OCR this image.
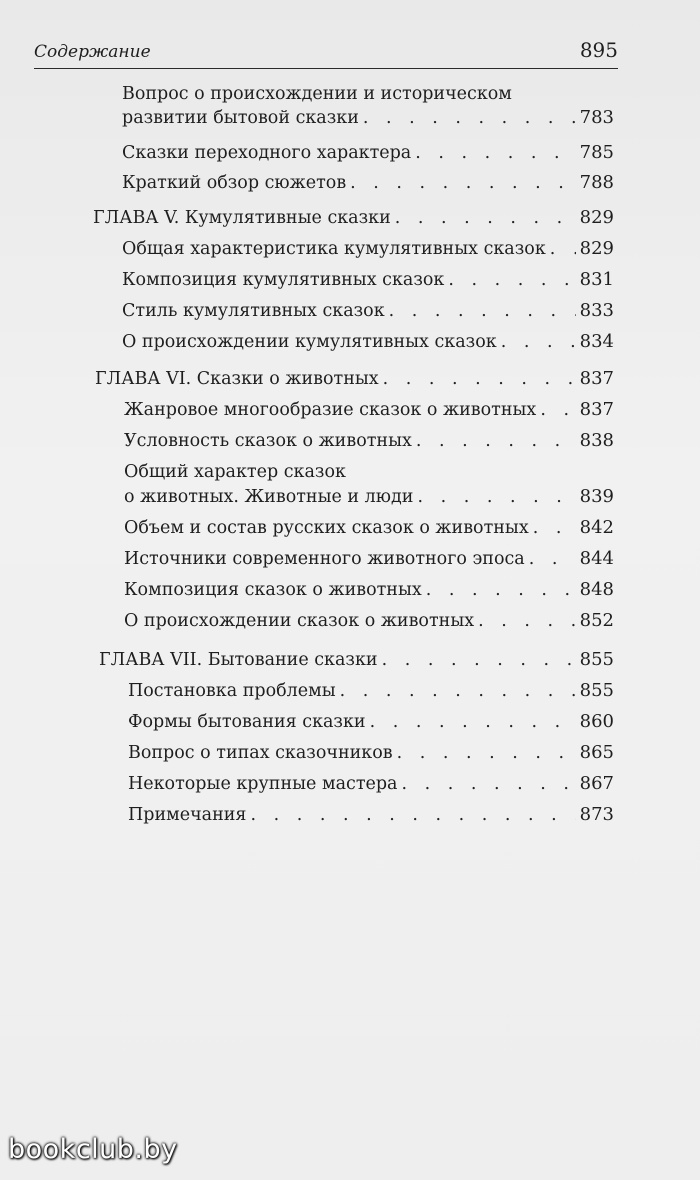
Содержание	895
Вопрос о происхождении и историческом
развитии бытовой сказки . . .	783
Сказки переходного характера . . .	785
Краткий обзор сюжетов . . .	788
ГЛАВА V. Кумулятивные сказки . . .	829
Общая характеристика кумулятивных сказок . . . 829
Композиция кумулятивных сказок . . .	831
Стиль кумулятивных сказок . . .	833
О происхождении кумулятивных сказок . . .	834
ГЛАВА VI. Сказки о животных . . .	837
Жанровое многообразие сказок о животных . . . 837
Условность сказок о животных . . .	838
Общий характер сказок
о животных. Животные и люди . . .	839
Объем и состав русских сказок о животных . . .	842
Источники современного животного эпоса . . .	844
Композиция сказок о животных . . .	848
О происхождении сказок о животных . . .	852
ГЛАВА VII. Бытование сказки . . .	855
Постановка проблемы . . .	855
Формы бытования сказки . . .	860
Вопрос о типах сказочников . . .	865
Некоторые крупные мастера . . .	867
Примечания . . .	873
bookclub.by
